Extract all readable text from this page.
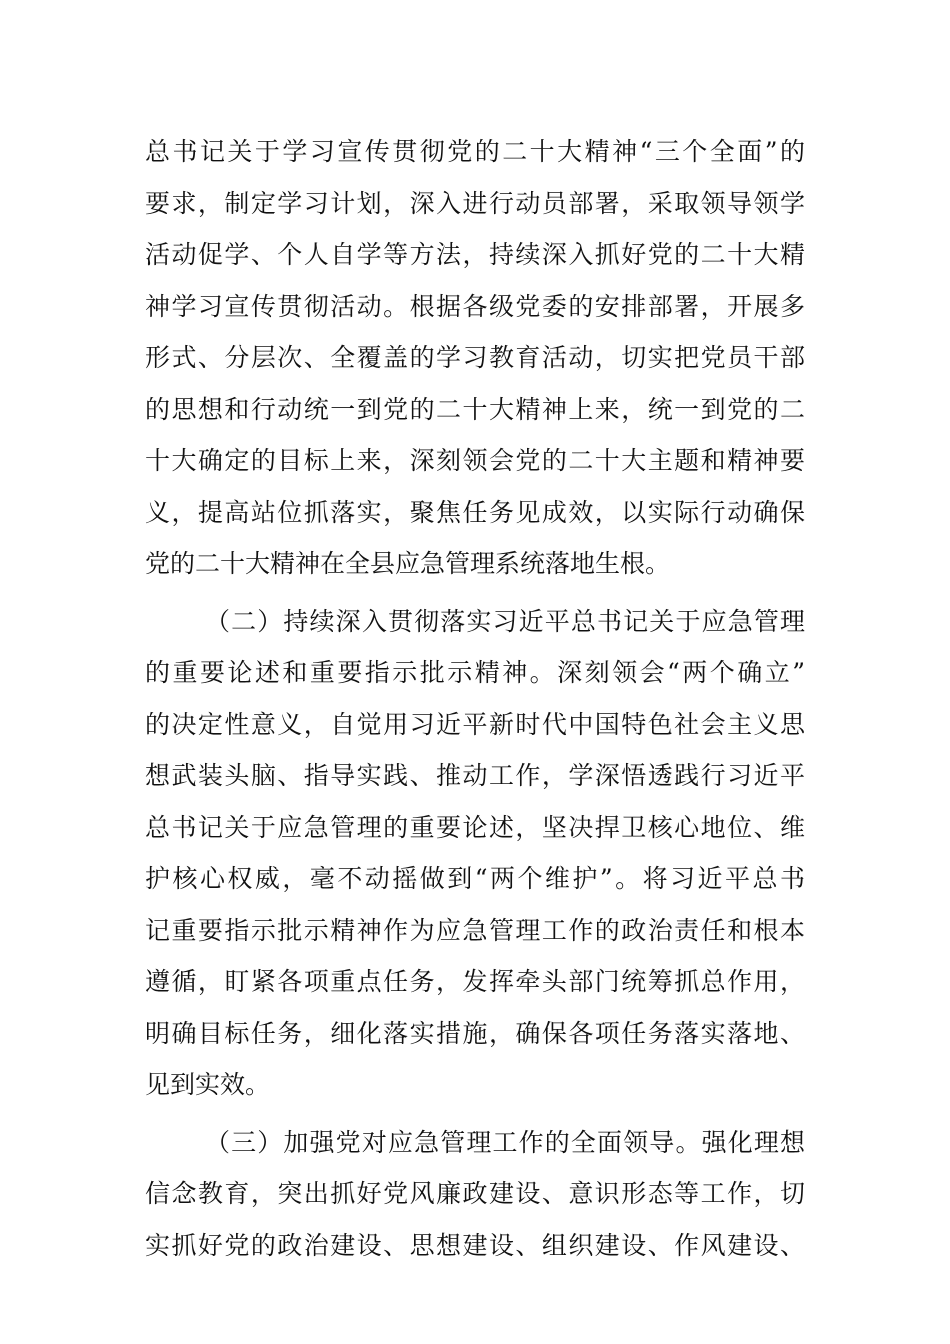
总书记关于学习宣传贯彻党的二十大精神“三个全面”的
要求，制定学习计划，深入进行动员部署，采取领导领学
活动促学、个人自学等方法，持续深入抓好党的二十大精
神学习宣传贯彻活动。根据各级党委的安排部署，开展多
形式、分层次、全覆盖的学习教育活动，切实把党员干部
的思想和行动统一到党的二十大精神上来，统一到党的二
十大确定的目标上来，深刻领会党的二十大主题和精神要
义，提高站位抓落实，聚焦任务见成效，以实际行动确保
党的二十大精神在全县应急管理系统落地生根。
（二）持续深入贯彻落实习近平总书记关于应急管理
的重要论述和重要指示批示精神。深刻领会“两个确立”
的决定性意义，自觉用习近平新时代中国特色社会主义思
想武装头脑、指导实践、推动工作，学深悟透践行习近平
总书记关于应急管理的重要论述，坚决捍卫核心地位、维
护核心权威，毫不动摇做到“两个维护”。将习近平总书
记重要指示批示精神作为应急管理工作的政治责任和根本
遵循，盯紧各项重点任务，发挥牵头部门统筹抓总作用，
明确目标任务，细化落实措施，确保各项任务落实落地、
见到实效。
（三）加强党对应急管理工作的全面领导。强化理想
信念教育，突出抓好党风廉政建设、意识形态等工作，切
实抓好党的政治建设、思想建设、组织建设、作风建设、
